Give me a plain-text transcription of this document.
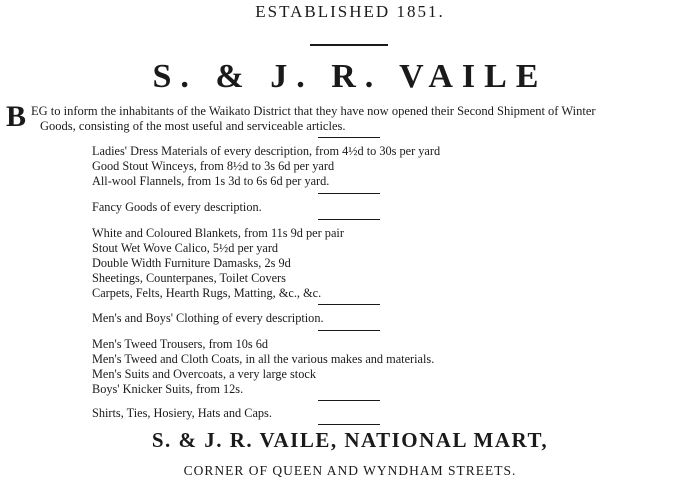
ESTABLISHED 1851.
S. & J. R. VAILE
B EG to inform the inhabitants of the Waikato District that they have now opened their Second Shipment of Winter
Goods, consisting of the most useful and serviceable articles.
Ladies' Dress Materials of every description, from 4½d to 30s per yard
Good Stout Winceys, from 8½d to 3s 6d per yard
All-wool Flannels, from 1s 3d to 6s 6d per yard.
Fancy Goods of every description.
White and Coloured Blankets, from 11s 9d per pair
Stout Wet Wove Calico, 5½d per yard
Double Width Furniture Damasks, 2s 9d
Sheetings, Counterpanes, Toilet Covers
Carpets, Felts, Hearth Rugs, Matting, &c., &c.
Men's and Boys' Clothing of every description.
Men's Tweed Trousers, from 10s 6d
Men's Tweed and Cloth Coats, in all the various makes and materials.
Men's Suits and Overcoats, a very large stock
Boys' Knicker Suits, from 12s.
Shirts, Ties, Hosiery, Hats and Caps.
S. & J. R. VAILE, NATIONAL MART,
CORNER OF QUEEN AND WYNDHAM STREETS.
